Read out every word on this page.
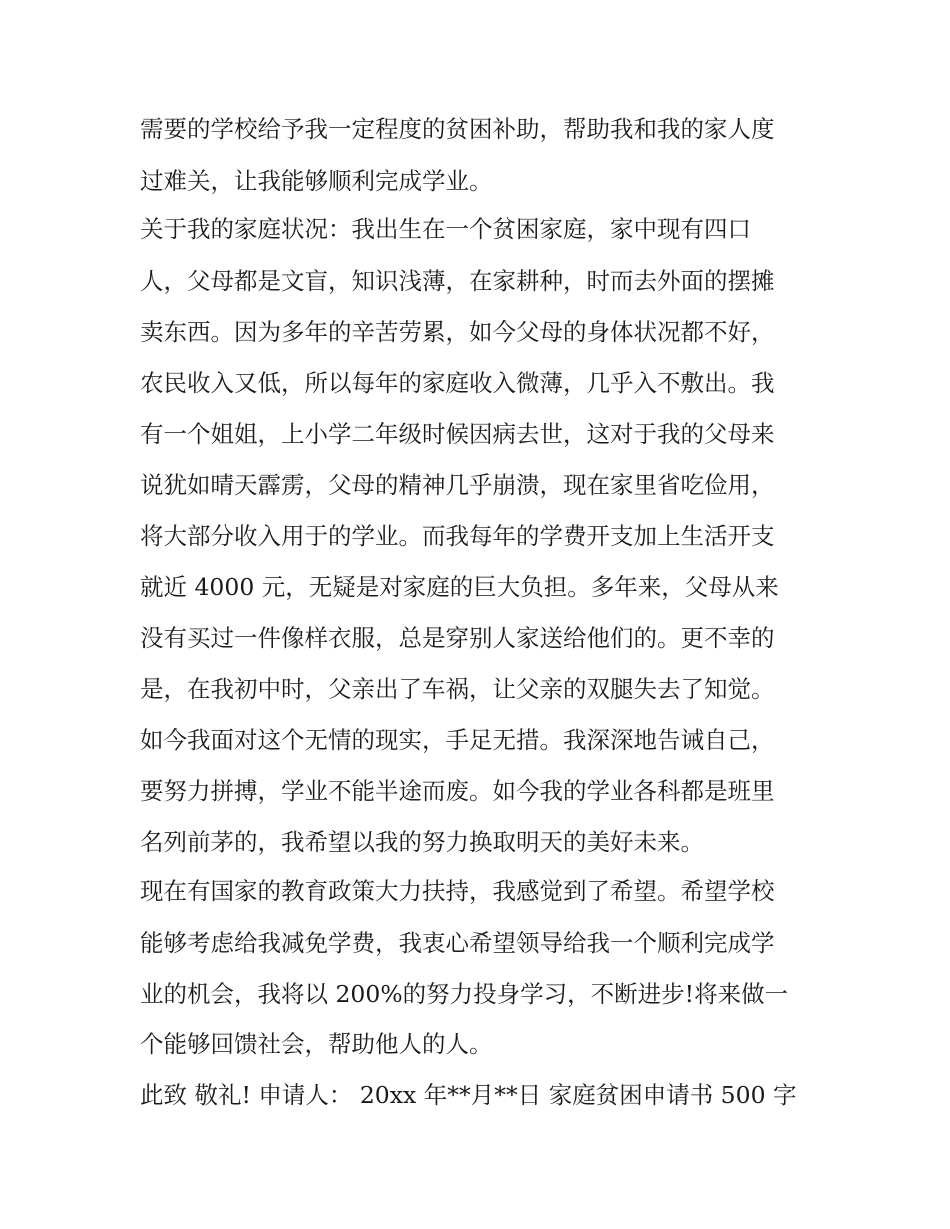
需要的学校给予我一定程度的贫困补助，帮助我和我的家人度
过难关，让我能够顺利完成学业。
关于我的家庭状况：我出生在一个贫困家庭，家中现有四口
人，父母都是文盲，知识浅薄，在家耕种，时而去外面的摆摊
卖东西。因为多年的辛苦劳累，如今父母的身体状况都不好，
农民收入又低，所以每年的家庭收入微薄，几乎入不敷出。我
有一个姐姐，上小学二年级时候因病去世，这对于我的父母来
说犹如晴天霹雳，父母的精神几乎崩溃，现在家里省吃俭用，
将大部分收入用于的学业。而我每年的学费开支加上生活开支
就近 4000 元，无疑是对家庭的巨大负担。多年来，父母从来
没有买过一件像样衣服，总是穿别人家送给他们的。更不幸的
是，在我初中时，父亲出了车祸，让父亲的双腿失去了知觉。
如今我面对这个无情的现实，手足无措。我深深地告诫自己，
要努力拼搏，学业不能半途而废。如今我的学业各科都是班里
名列前茅的，我希望以我的努力换取明天的美好未来。
现在有国家的教育政策大力扶持，我感觉到了希望。希望学校
能够考虑给我减免学费，我衷心希望领导给我一个顺利完成学
业的机会，我将以 200%的努力投身学习，不断进步!将来做一
个能够回馈社会，帮助他人的人。
此致 敬礼! 申请人： 20xx 年**月**日 家庭贫困申请书 500 字
